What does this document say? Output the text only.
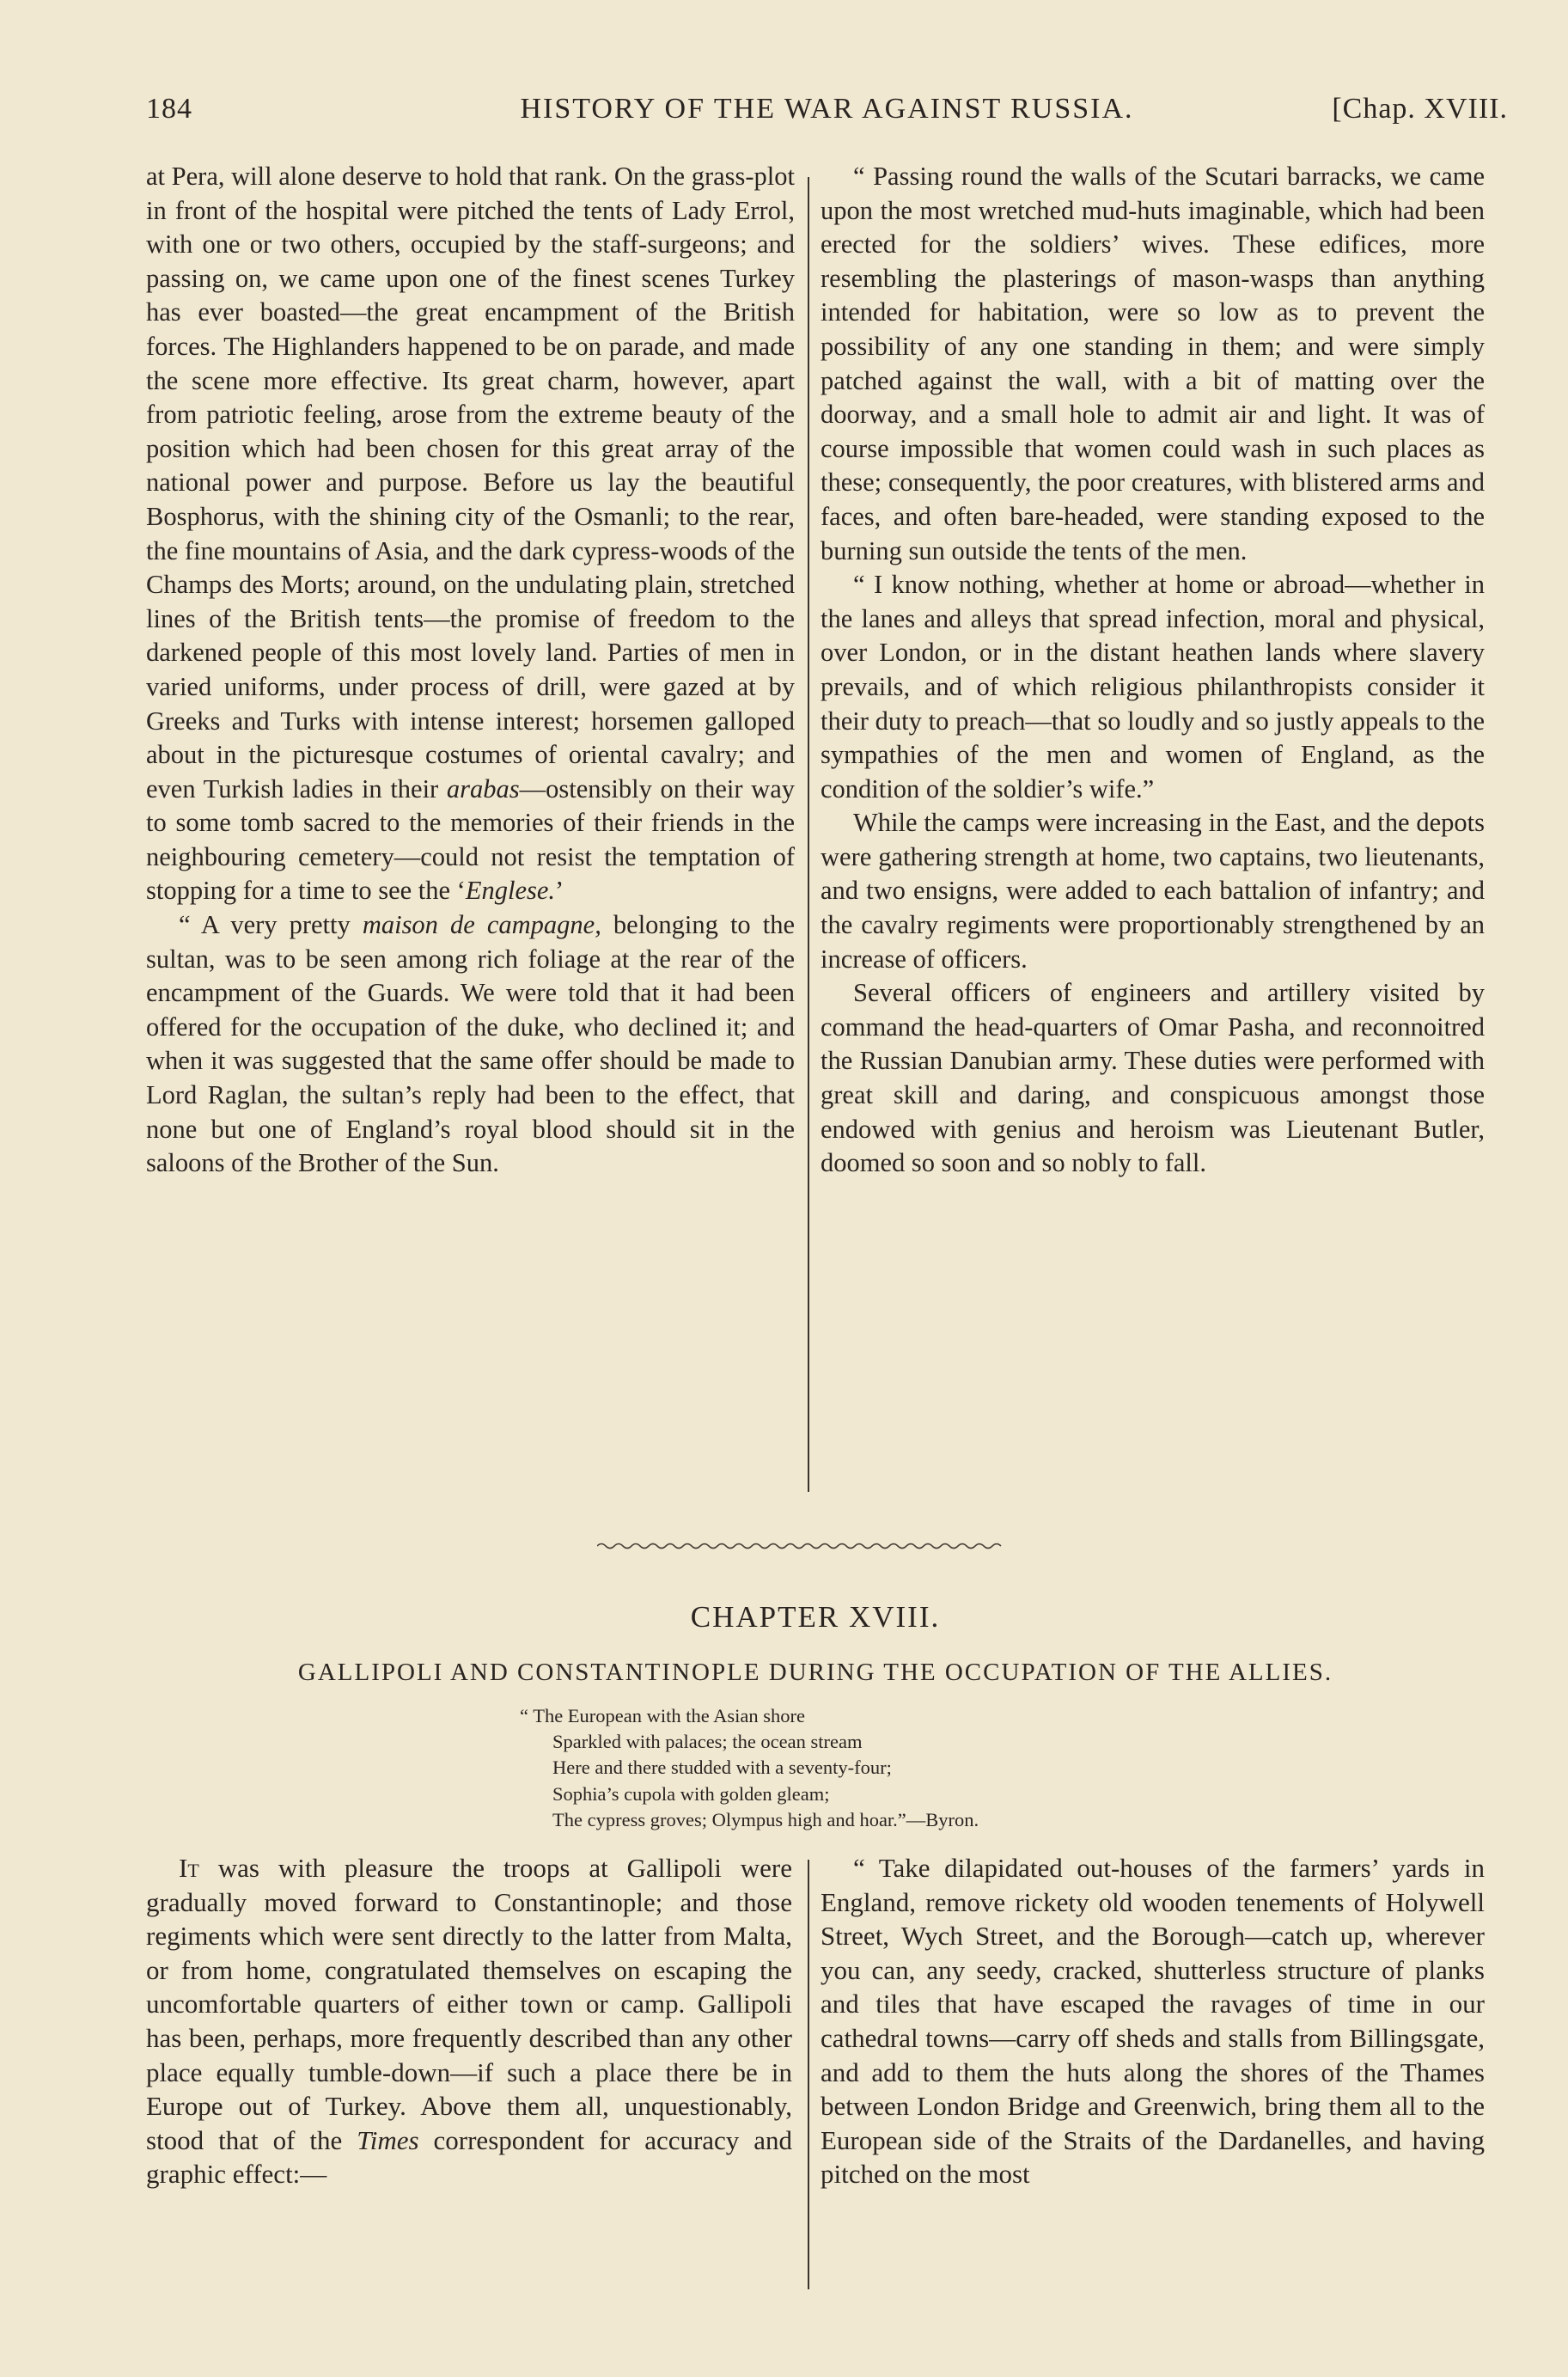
184	HISTORY OF THE WAR AGAINST RUSSIA.	[Chap. XVIII.

at Pera, will alone deserve to hold that rank. On the grass-plot in front of the hospital were pitched the tents of Lady Errol, with one or two others, occupied by the staff-surgeons; and passing on, we came upon one of the finest scenes Turkey has ever boasted—the great encampment of the British forces. The Highlanders happened to be on parade, and made the scene more effective. Its great charm, however, apart from patriotic feeling, arose from the extreme beauty of the position which had been chosen for this great array of the national power and purpose. Before us lay the beautiful Bosphorus, with the shining city of the Osmanli; to the rear, the fine mountains of Asia, and the dark cypress-woods of the Champs des Morts; around, on the undulating plain, stretched lines of the British tents—the promise of freedom to the darkened people of this most lovely land. Parties of men in varied uniforms, under process of drill, were gazed at by Greeks and Turks with intense interest; horsemen galloped about in the picturesque costumes of oriental cavalry; and even Turkish ladies in their arabas—ostensibly on their way to some tomb sacred to the memories of their friends in the neighbouring cemetery—could not resist the temptation of stopping for a time to see the ‘Englese.’

“ A very pretty maison de campagne, belonging to the sultan, was to be seen among rich foliage at the rear of the encampment of the Guards. We were told that it had been offered for the occupation of the duke, who declined it; and when it was suggested that the same offer should be made to Lord Raglan, the sultan’s reply had been to the effect, that none but one of England’s royal blood should sit in the saloons of the Brother of the Sun.

“ Passing round the walls of the Scutari barracks, we came upon the most wretched mud-huts imaginable, which had been erected for the soldiers’ wives. These edifices, more resembling the plasterings of mason-wasps than anything intended for habitation, were so low as to prevent the possibility of any one standing in them; and were simply patched against the wall, with a bit of matting over the doorway, and a small hole to admit air and light. It was of course impossible that women could wash in such places as these; consequently, the poor creatures, with blistered arms and faces, and often bare-headed, were standing exposed to the burning sun outside the tents of the men.

“ I know nothing, whether at home or abroad—whether in the lanes and alleys that spread infection, moral and physical, over London, or in the distant heathen lands where slavery prevails, and of which religious philanthropists consider it their duty to preach—that so loudly and so justly appeals to the sympathies of the men and women of England, as the condition of the soldier’s wife.”

While the camps were increasing in the East, and the depots were gathering strength at home, two captains, two lieutenants, and two ensigns, were added to each battalion of infantry; and the cavalry regiments were proportionably strengthened by an increase of officers.

Several officers of engineers and artillery visited by command the head-quarters of Omar Pasha, and reconnoitred the Russian Danubian army. These duties were performed with great skill and daring, and conspicuous amongst those endowed with genius and heroism was Lieutenant Butler, doomed so soon and so nobly to fall.

CHAPTER XVIII.
GALLIPOLI AND CONSTANTINOPLE DURING THE OCCUPATION OF THE ALLIES.
“ The European with the Asian shore
Sparkled with palaces; the ocean stream
Here and there studded with a seventy-four;
Sophia’s cupola with golden gleam;
The cypress groves; Olympus high and hoar.”—Byron.

It was with pleasure the troops at Gallipoli were gradually moved forward to Constantinople; and those regiments which were sent directly to the latter from Malta, or from home, congratulated themselves on escaping the uncomfortable quarters of either town or camp. Gallipoli has been, perhaps, more frequently described than any other place equally tumble-down—if such a place there be in Europe out of Turkey. Above them all, unquestionably, stood that of the Times correspondent for accuracy and graphic effect:—

“ Take dilapidated out-houses of the farmers’ yards in England, remove rickety old wooden tenements of Holywell Street, Wych Street, and the Borough—catch up, wherever you can, any seedy, cracked, shutterless structure of planks and tiles that have escaped the ravages of time in our cathedral towns—carry off sheds and stalls from Billingsgate, and add to them the huts along the shores of the Thames between London Bridge and Greenwich, bring them all to the European side of the Straits of the Dardanelles, and having pitched on the most
